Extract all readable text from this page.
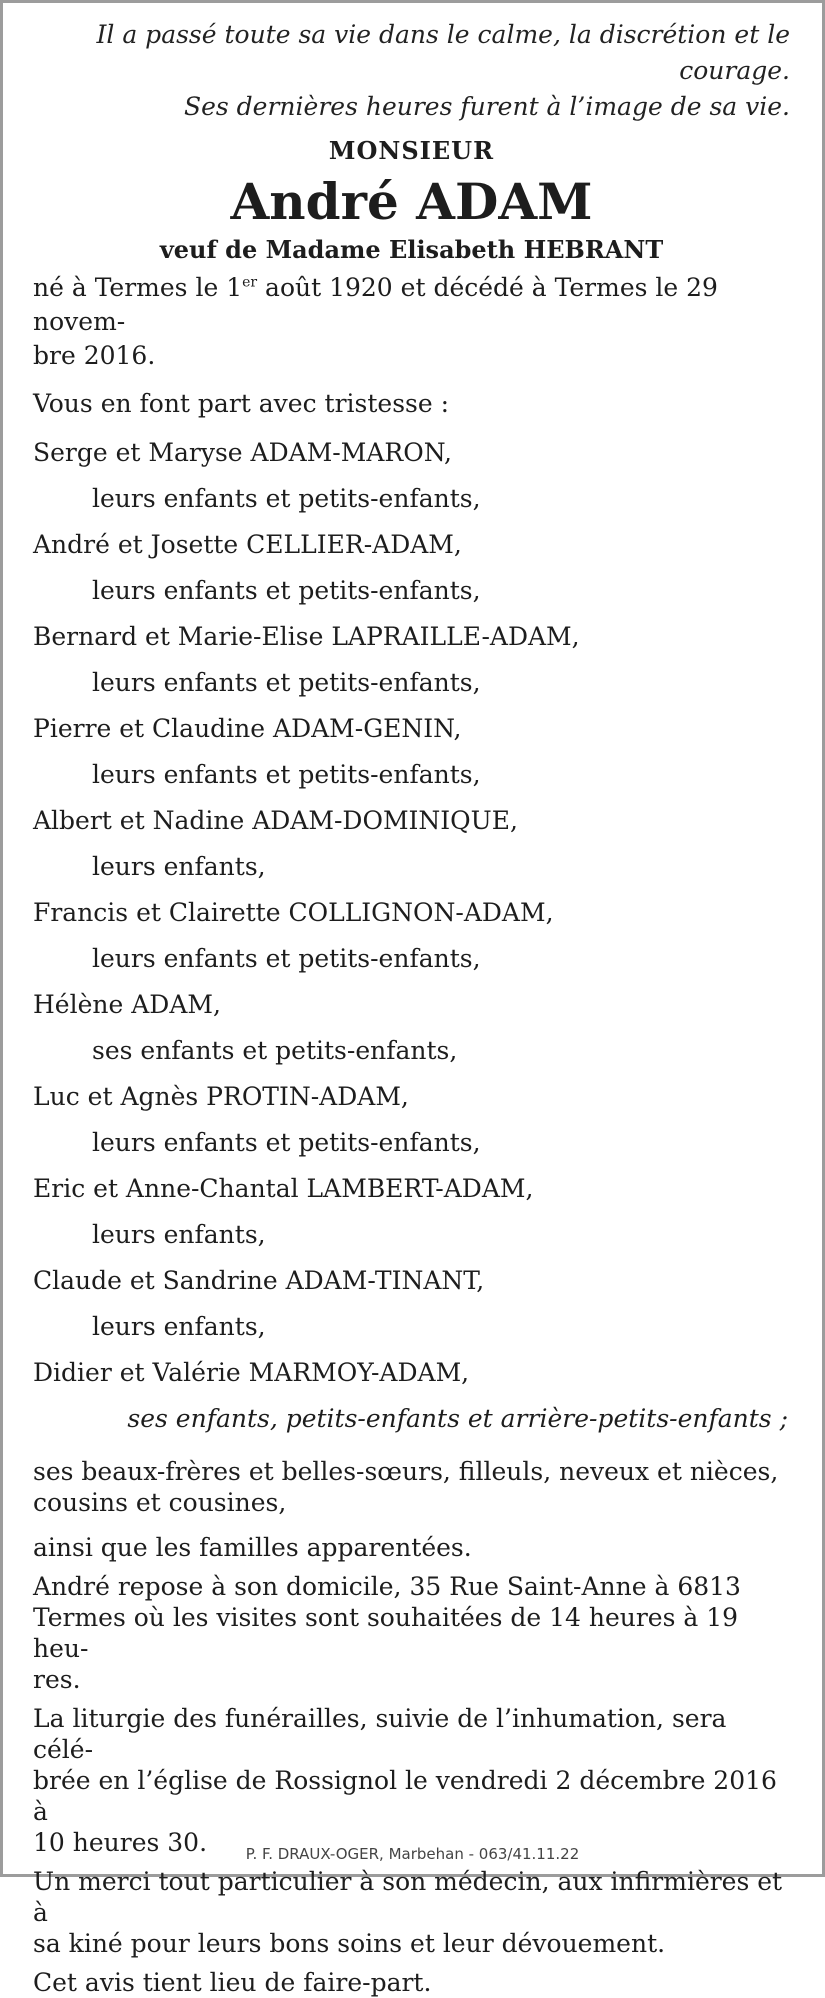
Il a passé toute sa vie dans le calme, la discrétion et le
courage.
Ses dernières heures furent à l’image de sa vie.
MONSIEUR
André ADAM
veuf de Madame Elisabeth HEBRANT
né à Termes le 1er août 1920 et décédé à Termes le 29 novem-
bre 2016.
Vous en font part avec tristesse :
Serge et Maryse ADAM-MARON,
leurs enfants et petits-enfants,
André et Josette CELLIER-ADAM,
leurs enfants et petits-enfants,
Bernard et Marie-Elise LAPRAILLE-ADAM,
leurs enfants et petits-enfants,
Pierre et Claudine ADAM-GENIN,
leurs enfants et petits-enfants,
Albert et Nadine ADAM-DOMINIQUE,
leurs enfants,
Francis et Clairette COLLIGNON-ADAM,
leurs enfants et petits-enfants,
Hélène ADAM,
ses enfants et petits-enfants,
Luc et Agnès PROTIN-ADAM,
leurs enfants et petits-enfants,
Eric et Anne-Chantal LAMBERT-ADAM,
leurs enfants,
Claude et Sandrine ADAM-TINANT,
leurs enfants,
Didier et Valérie MARMOY-ADAM,
ses enfants, petits-enfants et arrière-petits-enfants ;
ses beaux-frères et belles-sœurs, filleuls, neveux et nièces,
cousins et cousines,
ainsi que les familles apparentées.
André repose à son domicile, 35 Rue Saint-Anne à 6813
Termes où les visites sont souhaitées de 14 heures à 19 heu-
res.
La liturgie des funérailles, suivie de l’inhumation, sera célé-
brée en l’église de Rossignol le vendredi 2 décembre 2016 à
10 heures 30.
Un merci tout particulier à son médecin, aux infirmières et à
sa kiné pour leurs bons soins et leur dévouement.
Cet avis tient lieu de faire-part.
P. F. DRAUX-OGER, Marbehan - 063/41.11.22
